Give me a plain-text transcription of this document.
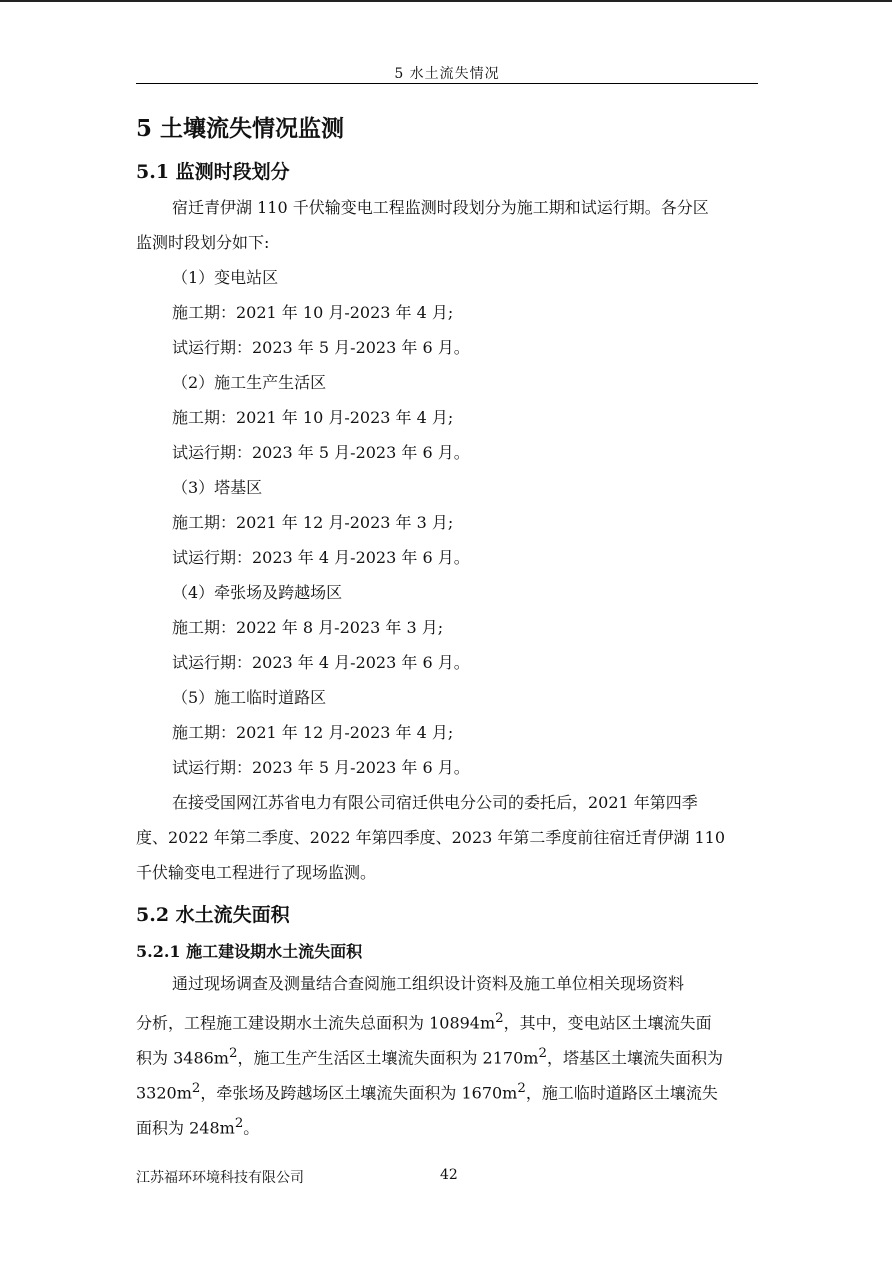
5 水土流失情况
5 土壤流失情况监测
5.1 监测时段划分
宿迁青伊湖 110 千伏输变电工程监测时段划分为施工期和试运行期。各分区
监测时段划分如下:
（1）变电站区
施工期：2021 年 10 月-2023 年 4 月;
试运行期：2023 年 5 月-2023 年 6 月。
（2）施工生产生活区
施工期：2021 年 10 月-2023 年 4 月;
试运行期：2023 年 5 月-2023 年 6 月。
（3）塔基区
施工期：2021 年 12 月-2023 年 3 月;
试运行期：2023 年 4 月-2023 年 6 月。
（4）牵张场及跨越场区
施工期：2022 年 8 月-2023 年 3 月;
试运行期：2023 年 4 月-2023 年 6 月。
（5）施工临时道路区
施工期：2021 年 12 月-2023 年 4 月;
试运行期：2023 年 5 月-2023 年 6 月。
在接受国网江苏省电力有限公司宿迁供电分公司的委托后，2021 年第四季
度、2022 年第二季度、2022 年第四季度、2023 年第二季度前往宿迁青伊湖 110
千伏输变电工程进行了现场监测。
5.2 水土流失面积
5.2.1 施工建设期水土流失面积
通过现场调查及测量结合查阅施工组织设计资料及施工单位相关现场资料
分析，工程施工建设期水土流失总面积为 $10894m^2$，其中，变电站区土壤流失面
积为 $3486m^2$，施工生产生活区土壤流失面积为 $2170m^2$，塔基区土壤流失面积为
$3320m^2$，牵张场及跨越场区土壤流失面积为 $1670m^2$，施工临时道路区土壤流失
面积为 $248m^2$。
江苏福环环境科技有限公司	42
